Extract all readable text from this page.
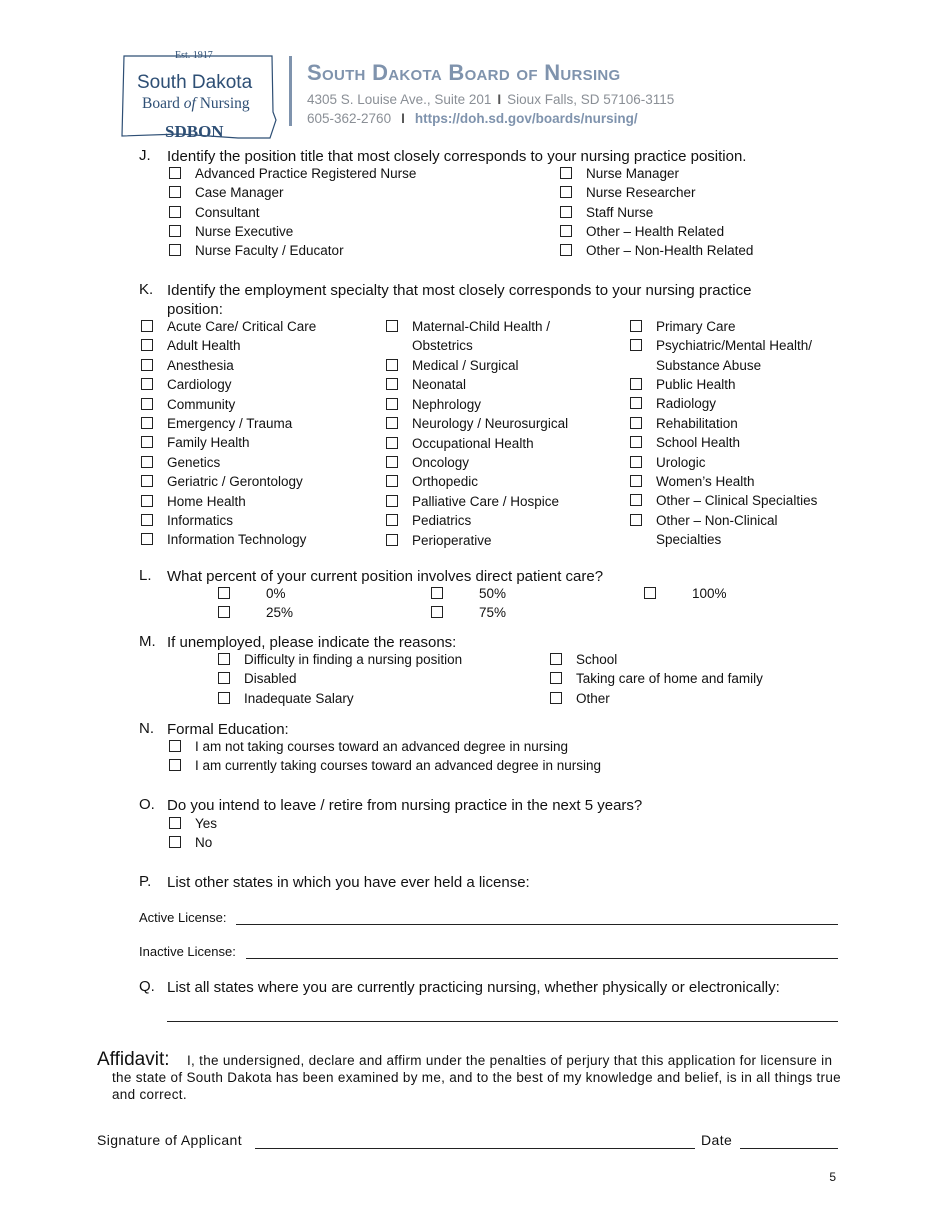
Est. 1917
South Dakota
Board of Nursing
SDBON
South Dakota Board of Nursing
4305 S. Louise Ave., Suite 201 I Sioux Falls, SD 57106-3115
605-362-2760 I https://doh.sd.gov/boards/nursing/
J. Identify the position title that most closely corresponds to your nursing practice position.
Advanced Practice Registered Nurse
Case Manager
Consultant
Nurse Executive
Nurse Faculty / Educator
Nurse Manager
Nurse Researcher
Staff Nurse
Other – Health Related
Other – Non-Health Related
K. Identify the employment specialty that most closely corresponds to your nursing practice position:
Acute Care/ Critical Care
Adult Health
Anesthesia
Cardiology
Community
Emergency / Trauma
Family Health
Genetics
Geriatric / Gerontology
Home Health
Informatics
Information Technology
Maternal-Child Health /
Obstetrics
Medical / Surgical
Neonatal
Nephrology
Neurology / Neurosurgical
Occupational Health
Oncology
Orthopedic
Palliative Care / Hospice
Pediatrics
Perioperative
Primary Care
Psychiatric/Mental Health/
Substance Abuse
Other – Non-Clinical
Specialties
Public Health
Radiology
Rehabilitation
School Health
Urologic
Women’s Health
Other – Clinical Specialties
L. What percent of your current position involves direct patient care?
0%
25%
50%
75%
100%
M. If unemployed, please indicate the reasons:
Difficulty in finding a nursing position
Disabled
Inadequate Salary
School
Taking care of home and family
Other
N. Formal Education:
I am not taking courses toward an advanced degree in nursing
I am currently taking courses toward an advanced degree in nursing
O. Do you intend to leave / retire from nursing practice in the next 5 years?
Yes
No
P. List other states in which you have ever held a license:
Active License:
Inactive License:
Q. List all states where you are currently practicing nursing, whether physically or electronically:
Affidavit:	I, the undersigned, declare and affirm under the penalties of perjury that this application for licensure in the state of South Dakota has been examined by me, and to the best of my knowledge and belief, is in all things true and correct.
Signature of Applicant	Date
5
